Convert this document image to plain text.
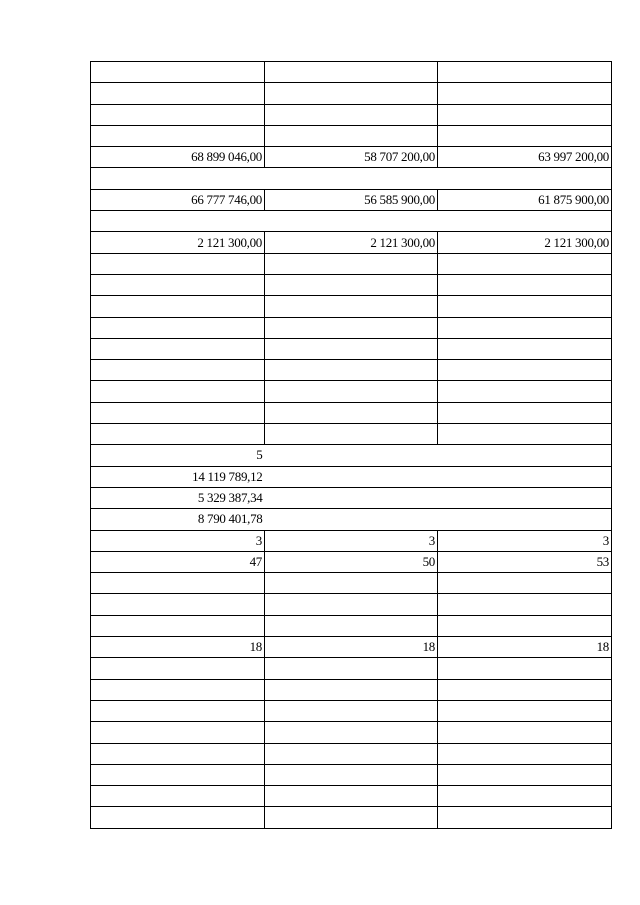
68 899 046,00	58 707 200,00	63 997 200,00

66 777 746,00	56 585 900,00	61 875 900,00

2 121 300,00	2 121 300,00	2 121 300,00

5		
14 119 789,12		
5 329 387,34		
8 790 401,78		
3	3	3
47	50	53

18	18	18
